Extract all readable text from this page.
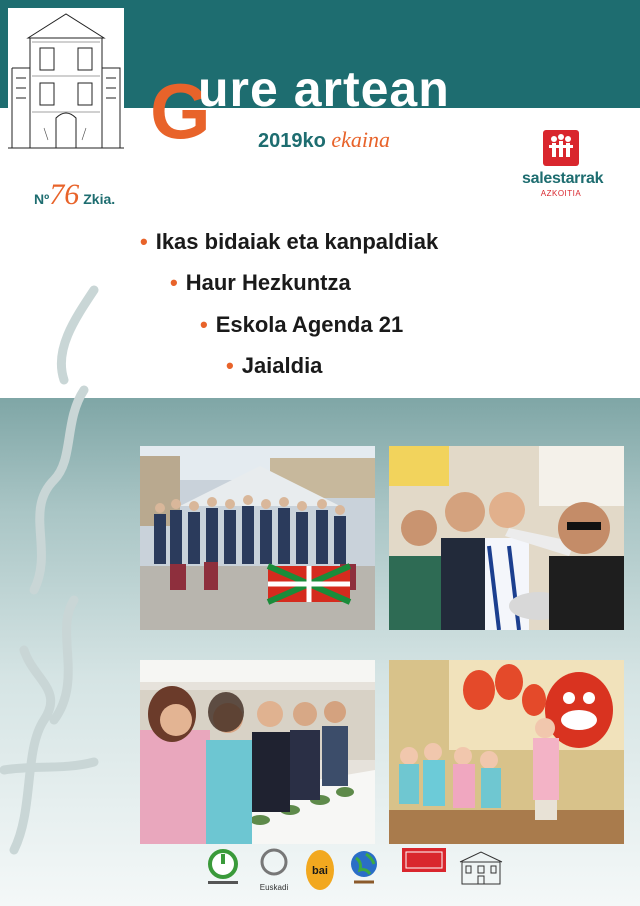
G
ure artean
2019ko ekaina
Nº76 Zkia.
salestarrak
AZKOITIA
• Ikas bidaiak eta kanpaldiak
• Haur Hezkuntza
• Eskola Agenda 21
• Jaialdia
Euskadi
bai
